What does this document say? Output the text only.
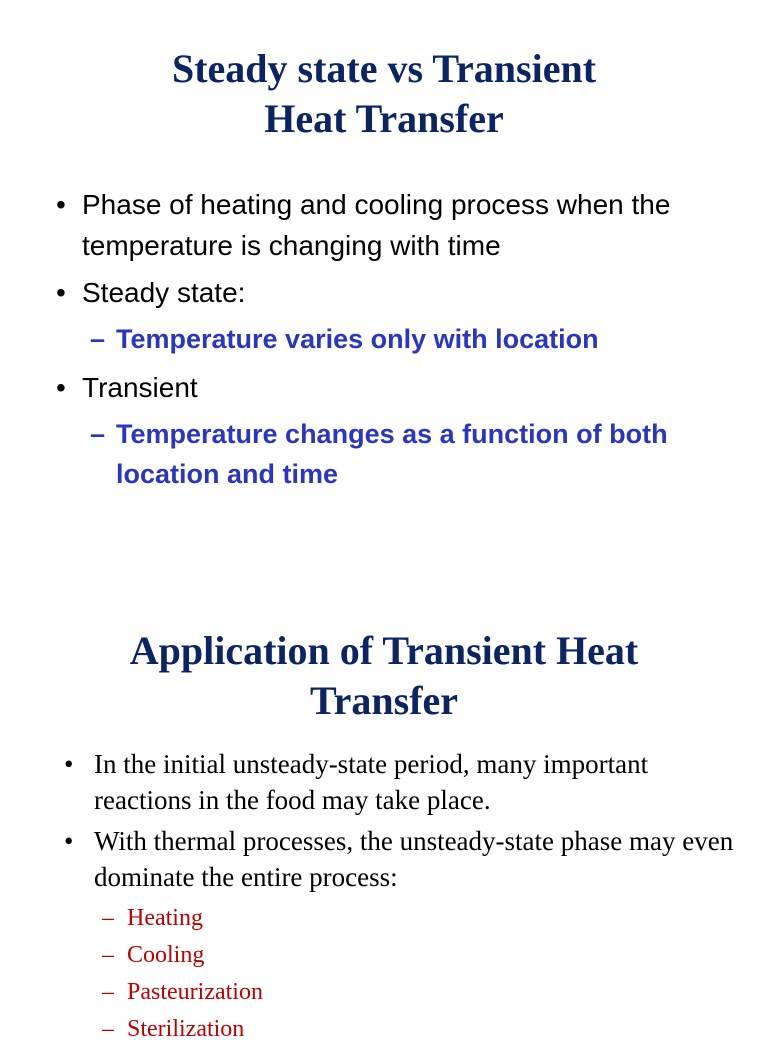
Steady state vs Transient
Heat Transfer
• Phase of heating and cooling process when the temperature is changing with time
• Steady state:
– Temperature varies only with location
• Transient
– Temperature changes as a function of both location and time
Application of Transient Heat
Transfer
• In the initial unsteady-state period, many important reactions in the food may take place.
• With thermal processes, the unsteady-state phase may even dominate the entire process:
– Heating
– Cooling
– Pasteurization
– Sterilization
